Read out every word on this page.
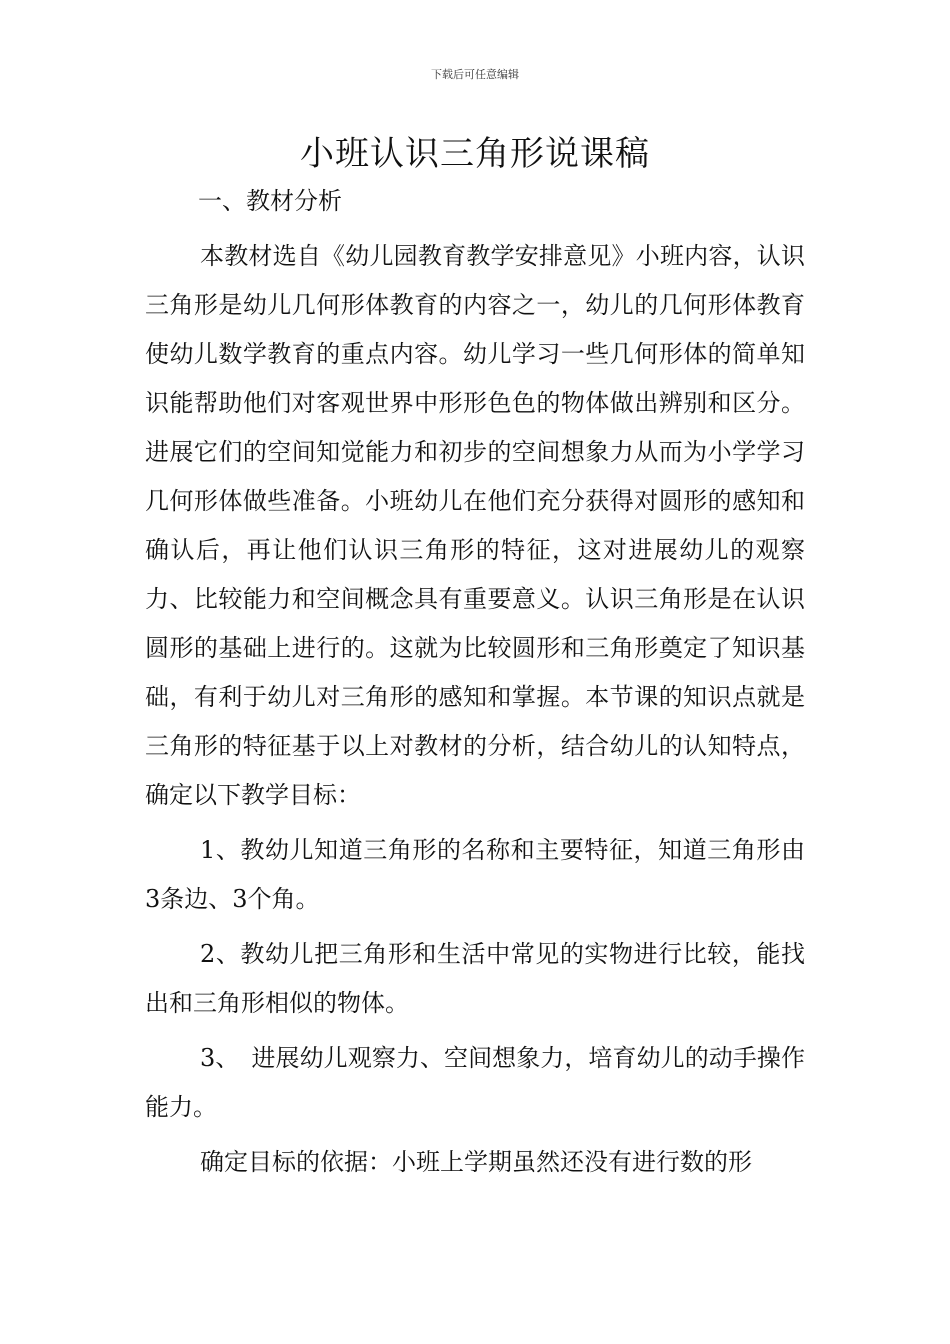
下载后可任意编辑
小班认识三角形说课稿

一、教材分析

本教材选自《幼儿园教育教学安排意见》小班内容，认识三角形是幼儿几何形体教育的内容之一，幼儿的几何形体教育使幼儿数学教育的重点内容。幼儿学习一些几何形体的简单知识能帮助他们对客观世界中形形色色的物体做出辨别和区分。进展它们的空间知觉能力和初步的空间想象力从而为小学学习几何形体做些准备。小班幼儿在他们充分获得对圆形的感知和确认后，再让他们认识三角形的特征，这对进展幼儿的观察力、比较能力和空间概念具有重要意义。认识三角形是在认识圆形的基础上进行的。这就为比较圆形和三角形奠定了知识基础，有利于幼儿对三角形的感知和掌握。本节课的知识点就是三角形的特征基于以上对教材的分析，结合幼儿的认知特点，确定以下教学目标：

1、教幼儿知道三角形的名称和主要特征，知道三角形由3条边、3个角。

2、教幼儿把三角形和生活中常见的实物进行比较，能找出和三角形相似的物体。

3、　进展幼儿观察力、空间想象力，培育幼儿的动手操作能力。

确定目标的依据：小班上学期虽然还没有进行数的形
